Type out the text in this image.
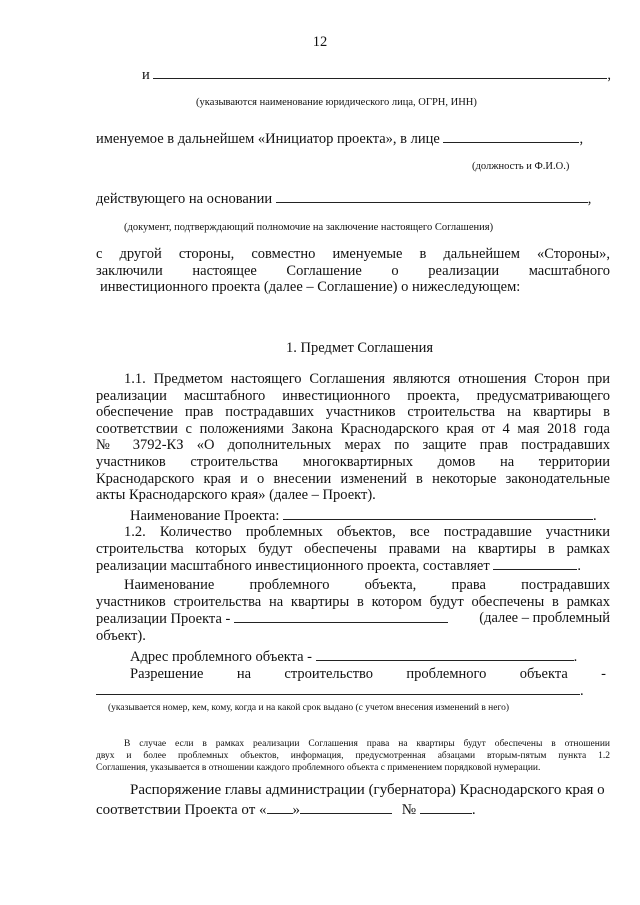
12
и	,
(указываются наименование юридического лица, ОГРН, ИНН)
именуемое в дальнейшем «Инициатор проекта», в лице	,
(должность и Ф.И.О.)
действующего на основании	,
(документ, подтверждающий полномочие на заключение настоящего Соглашения)
с другой стороны, совместно именуемые в дальнейшем «Стороны»,
заключили настоящее Соглашение о реализации масштабного
инвестиционного проекта (далее – Соглашение) о нижеследующем:
1. Предмет Соглашения
1.1. Предметом настоящего Соглашения являются отношения Сторон при
реализации масштабного инвестиционного проекта, предусматривающего
обеспечение прав пострадавших участников строительства на квартиры в
соответствии с положениями Закона Краснодарского края от 4 мая 2018 года
№ 3792-КЗ «О дополнительных мерах по защите прав пострадавших
участников строительства многоквартирных домов на территории
Краснодарского края и о внесении изменений в некоторые законодательные
акты Краснодарского края» (далее – Проект).
Наименование Проекта:	.
1.2. Количество проблемных объектов, все пострадавшие участники
строительства которых будут обеспечены правами на квартиры в рамках
реализации масштабного инвестиционного проекта, составляет	.
Наименование проблемного объекта, права пострадавших
участников строительства на квартиры в котором будут обеспечены в рамках
реализации Проекта -	(далее – проблемный
объект).
Адрес проблемного объекта -	.
Разрешение на строительство проблемного объекта -
.
(указывается номер, кем, кому, когда и на какой срок выдано (с учетом внесения изменений в него)
В случае если в рамках реализации Соглашения права на квартиры будут обеспечены в отношении
двух и более проблемных объектов, информация, предусмотренная абзацами вторым-пятым пункта 1.2
Соглашения, указывается в отношении каждого проблемного объекта с применением порядковой нумерации.
Распоряжение главы администрации (губернатора) Краснодарского края о
соответствии Проекта от « »	№	.
